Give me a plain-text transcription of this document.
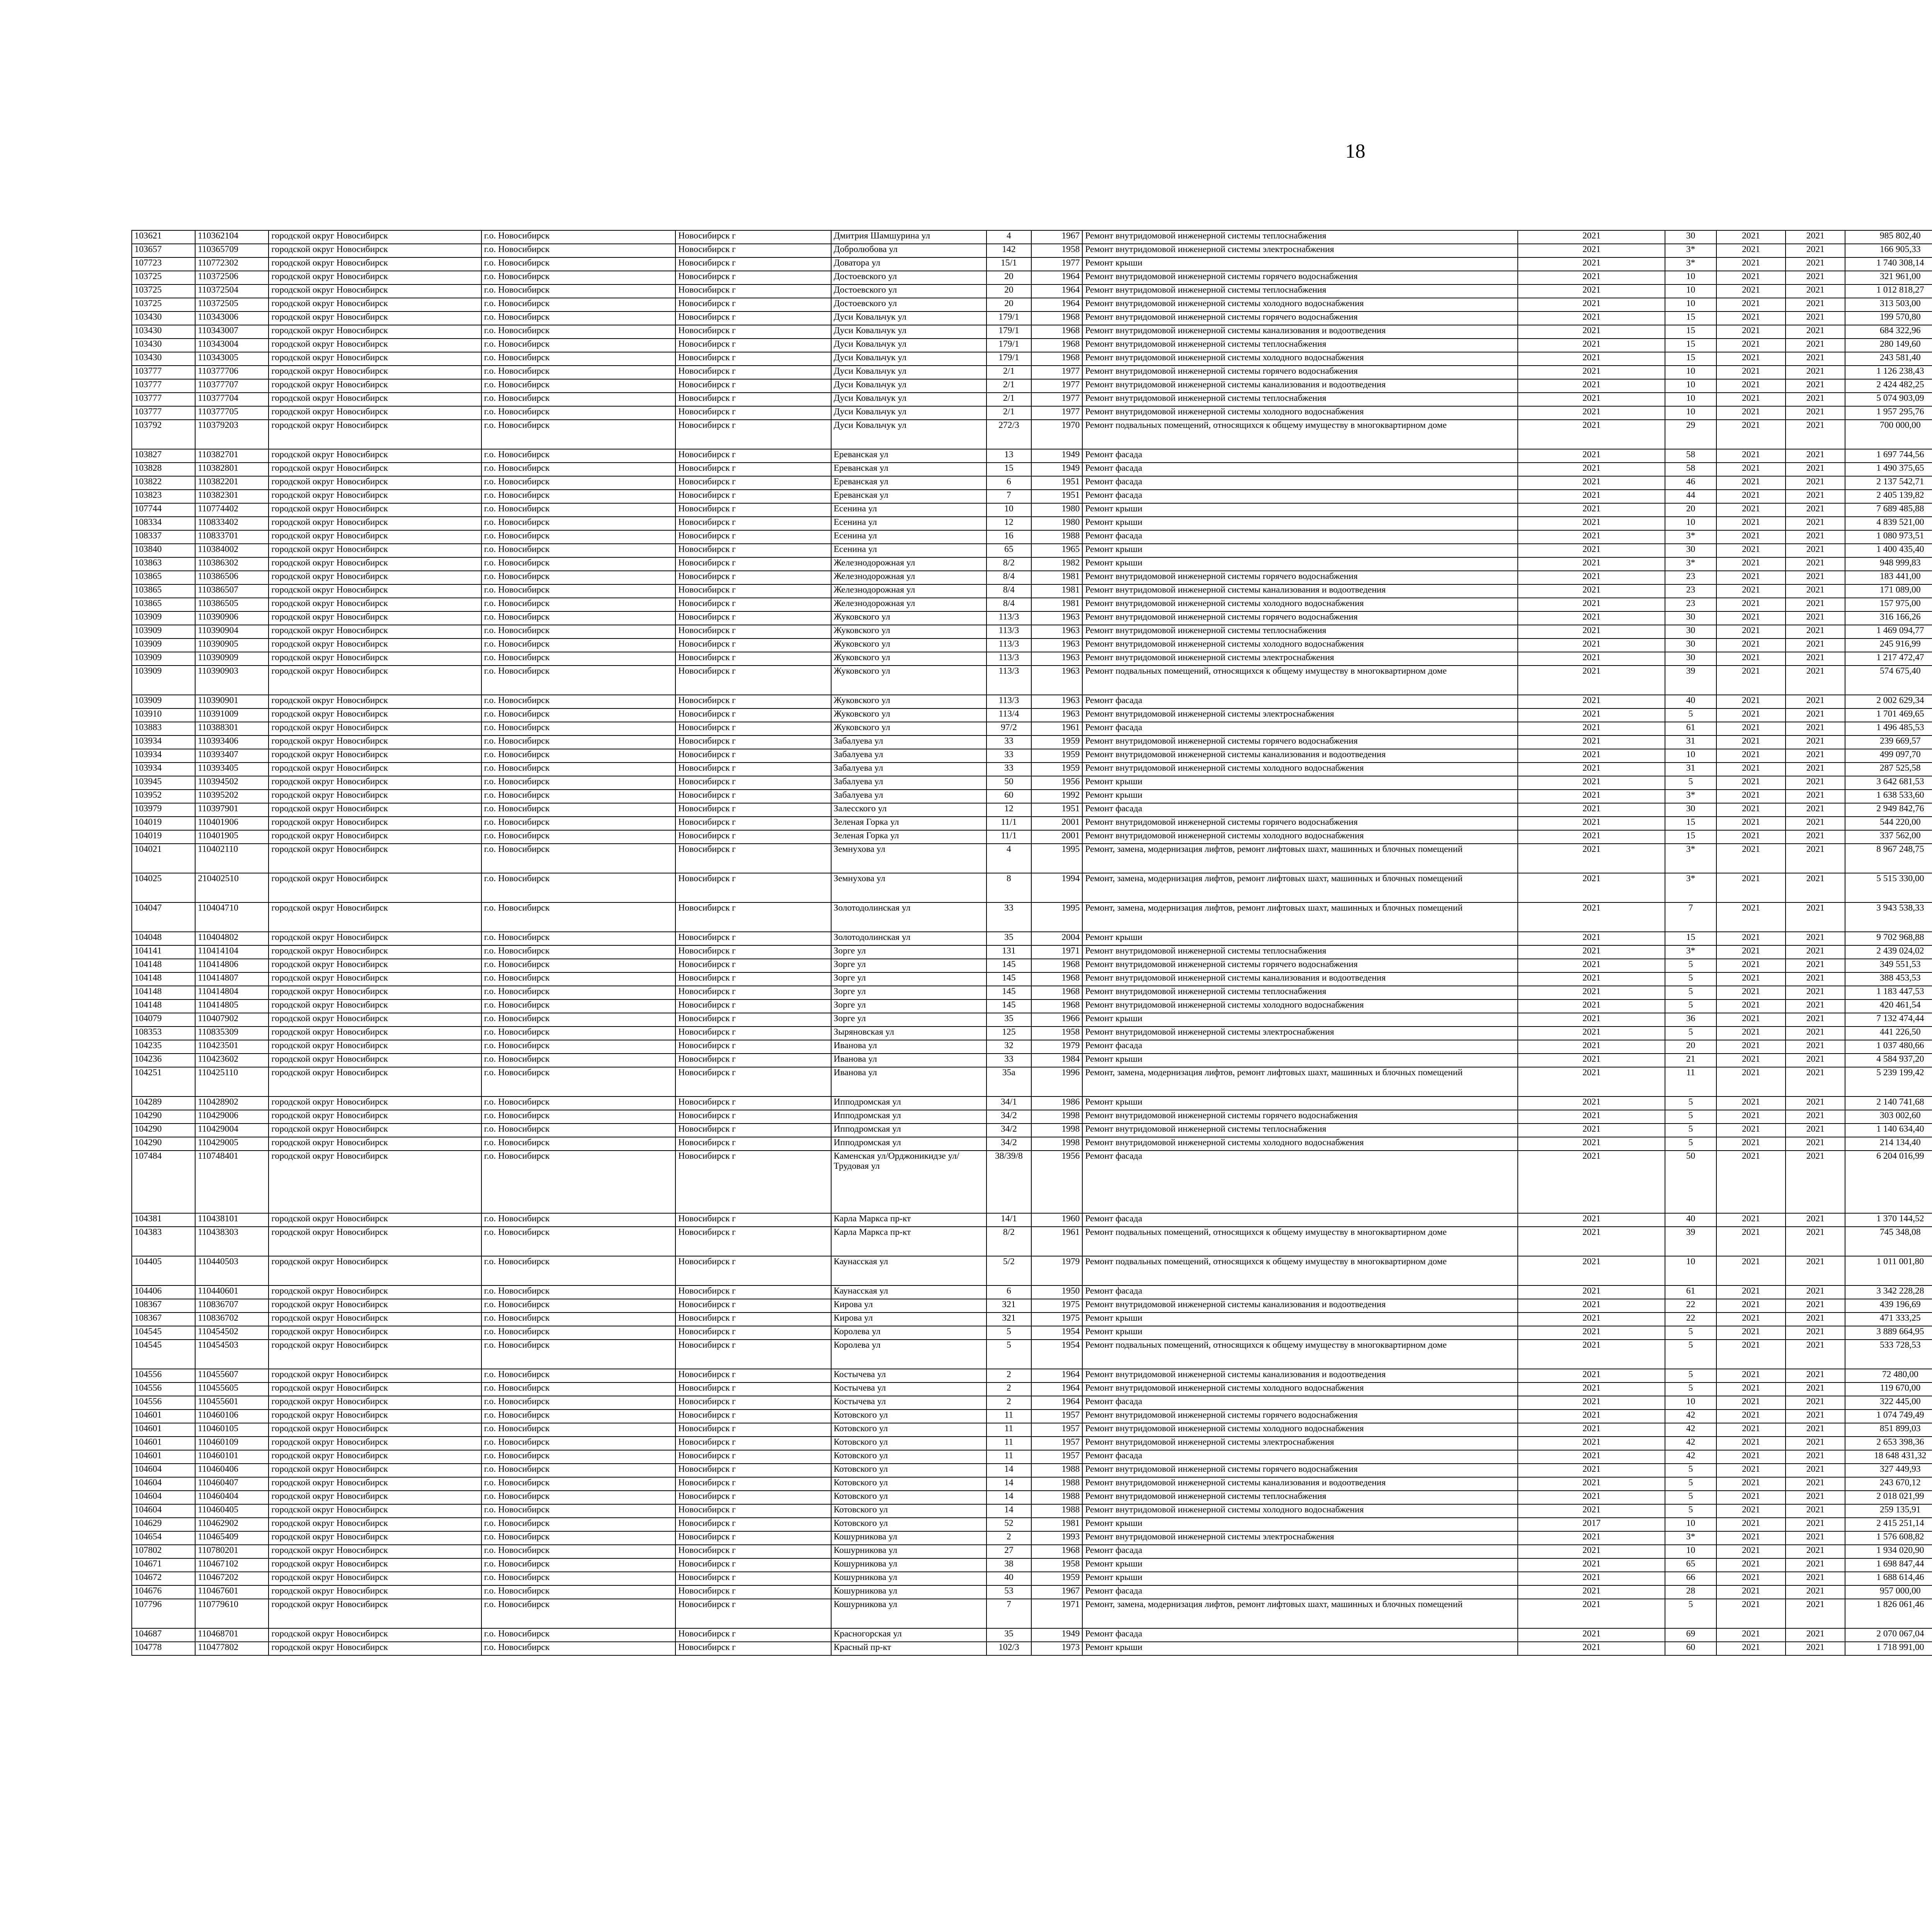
18
103621	110362104	городской округ Новосибирск	г.о. Новосибирск	Новосибирск г	Дмитрия Шамшурина ул	4	1967	Ремонт внутридомовой инженерной системы теплоснабжения	2021	30	2021	2021	985 802,40						
103657	110365709	городской округ Новосибирск	г.о. Новосибирск	Новосибирск г	Добролюбова ул	142	1958	Ремонт внутридомовой инженерной системы электроснабжения	2021	3*	2021	2021	166 905,33						
107723	110772302	городской округ Новосибирск	г.о. Новосибирск	Новосибирск г	Доватора ул	15/1	1977	Ремонт крыши	2021	3*	2021	2021	1 740 308,14						
103725	110372506	городской округ Новосибирск	г.о. Новосибирск	Новосибирск г	Достоевского ул	20	1964	Ремонт внутридомовой инженерной системы горячего водоснабжения	2021	10	2021	2021	321 961,00						
103725	110372504	городской округ Новосибирск	г.о. Новосибирск	Новосибирск г	Достоевского ул	20	1964	Ремонт внутридомовой инженерной системы теплоснабжения	2021	10	2021	2021	1 012 818,27						
103725	110372505	городской округ Новосибирск	г.о. Новосибирск	Новосибирск г	Достоевского ул	20	1964	Ремонт внутридомовой инженерной системы холодного водоснабжения	2021	10	2021	2021	313 503,00						
103430	110343006	городской округ Новосибирск	г.о. Новосибирск	Новосибирск г	Дуси Ковальчук ул	179/1	1968	Ремонт внутридомовой инженерной системы горячего водоснабжения	2021	15	2021	2021	199 570,80						
103430	110343007	городской округ Новосибирск	г.о. Новосибирск	Новосибирск г	Дуси Ковальчук ул	179/1	1968	Ремонт внутридомовой инженерной системы канализования и водоотведения	2021	15	2021	2021	684 322,96						
103430	110343004	городской округ Новосибирск	г.о. Новосибирск	Новосибирск г	Дуси Ковальчук ул	179/1	1968	Ремонт внутридомовой инженерной системы теплоснабжения	2021	15	2021	2021	280 149,60						
103430	110343005	городской округ Новосибирск	г.о. Новосибирск	Новосибирск г	Дуси Ковальчук ул	179/1	1968	Ремонт внутридомовой инженерной системы холодного водоснабжения	2021	15	2021	2021	243 581,40						
103777	110377706	городской округ Новосибирск	г.о. Новосибирск	Новосибирск г	Дуси Ковальчук ул	2/1	1977	Ремонт внутридомовой инженерной системы горячего водоснабжения	2021	10	2021	2021	1 126 238,43						
103777	110377707	городской округ Новосибирск	г.о. Новосибирск	Новосибирск г	Дуси Ковальчук ул	2/1	1977	Ремонт внутридомовой инженерной системы канализования и водоотведения	2021	10	2021	2021	2 424 482,25						
103777	110377704	городской округ Новосибирск	г.о. Новосибирск	Новосибирск г	Дуси Ковальчук ул	2/1	1977	Ремонт внутридомовой инженерной системы теплоснабжения	2021	10	2021	2021	5 074 903,09						
103777	110377705	городской округ Новосибирск	г.о. Новосибирск	Новосибирск г	Дуси Ковальчук ул	2/1	1977	Ремонт внутридомовой инженерной системы холодного водоснабжения	2021	10	2021	2021	1 957 295,76						
103792	110379203	городской округ Новосибирск	г.о. Новосибирск	Новосибирск г	Дуси Ковальчук ул	272/3	1970	Ремонт подвальных помещений, относящихся к общему имуществу в многоквартирном доме	2021	29	2021	2021	700 000,00						
103827	110382701	городской округ Новосибирск	г.о. Новосибирск	Новосибирск г	Ереванская ул	13	1949	Ремонт фасада	2021	58	2021	2021	1 697 744,56						
103828	110382801	городской округ Новосибирск	г.о. Новосибирск	Новосибирск г	Ереванская ул	15	1949	Ремонт фасада	2021	58	2021	2021	1 490 375,65						
103822	110382201	городской округ Новосибирск	г.о. Новосибирск	Новосибирск г	Ереванская ул	6	1951	Ремонт фасада	2021	46	2021	2021	2 137 542,71						
103823	110382301	городской округ Новосибирск	г.о. Новосибирск	Новосибирск г	Ереванская ул	7	1951	Ремонт фасада	2021	44	2021	2021	2 405 139,82						
107744	110774402	городской округ Новосибирск	г.о. Новосибирск	Новосибирск г	Есенина ул	10	1980	Ремонт крыши	2021	20	2021	2021	7 689 485,88						
108334	110833402	городской округ Новосибирск	г.о. Новосибирск	Новосибирск г	Есенина ул	12	1980	Ремонт крыши	2021	10	2021	2021	4 839 521,00						
108337	110833701	городской округ Новосибирск	г.о. Новосибирск	Новосибирск г	Есенина ул	16	1988	Ремонт фасада	2021	3*	2021	2021	1 080 973,51						
103840	110384002	городской округ Новосибирск	г.о. Новосибирск	Новосибирск г	Есенина ул	65	1965	Ремонт крыши	2021	30	2021	2021	1 400 435,40						
103863	110386302	городской округ Новосибирск	г.о. Новосибирск	Новосибирск г	Железнодорожная ул	8/2	1982	Ремонт крыши	2021	3*	2021	2021	948 999,83						
103865	110386506	городской округ Новосибирск	г.о. Новосибирск	Новосибирск г	Железнодорожная ул	8/4	1981	Ремонт внутридомовой инженерной системы горячего водоснабжения	2021	23	2021	2021	183 441,00						
103865	110386507	городской округ Новосибирск	г.о. Новосибирск	Новосибирск г	Железнодорожная ул	8/4	1981	Ремонт внутридомовой инженерной системы канализования и водоотведения	2021	23	2021	2021	171 089,00						
103865	110386505	городской округ Новосибирск	г.о. Новосибирск	Новосибирск г	Железнодорожная ул	8/4	1981	Ремонт внутридомовой инженерной системы холодного водоснабжения	2021	23	2021	2021	157 975,00						
103909	110390906	городской округ Новосибирск	г.о. Новосибирск	Новосибирск г	Жуковского ул	113/3	1963	Ремонт внутридомовой инженерной системы горячего водоснабжения	2021	30	2021	2021	316 166,26						
103909	110390904	городской округ Новосибирск	г.о. Новосибирск	Новосибирск г	Жуковского ул	113/3	1963	Ремонт внутридомовой инженерной системы теплоснабжения	2021	30	2021	2021	1 469 094,77						
103909	110390905	городской округ Новосибирск	г.о. Новосибирск	Новосибирск г	Жуковского ул	113/3	1963	Ремонт внутридомовой инженерной системы холодного водоснабжения	2021	30	2021	2021	245 916,99						
103909	110390909	городской округ Новосибирск	г.о. Новосибирск	Новосибирск г	Жуковского ул	113/3	1963	Ремонт внутридомовой инженерной системы электроснабжения	2021	30	2021	2021	1 217 472,47						
103909	110390903	городской округ Новосибирск	г.о. Новосибирск	Новосибирск г	Жуковского ул	113/3	1963	Ремонт подвальных помещений, относящихся к общему имуществу в многоквартирном доме	2021	39	2021	2021	574 675,40						
103909	110390901	городской округ Новосибирск	г.о. Новосибирск	Новосибирск г	Жуковского ул	113/3	1963	Ремонт фасада	2021	40	2021	2021	2 002 629,34						
103910	110391009	городской округ Новосибирск	г.о. Новосибирск	Новосибирск г	Жуковского ул	113/4	1963	Ремонт внутридомовой инженерной системы электроснабжения	2021	5	2021	2021	1 701 469,65						
103883	110388301	городской округ Новосибирск	г.о. Новосибирск	Новосибирск г	Жуковского ул	97/2	1961	Ремонт фасада	2021	61	2021	2021	1 496 485,53						
103934	110393406	городской округ Новосибирск	г.о. Новосибирск	Новосибирск г	Забалуева ул	33	1959	Ремонт внутридомовой инженерной системы горячего водоснабжения	2021	31	2021	2021	239 669,57						
103934	110393407	городской округ Новосибирск	г.о. Новосибирск	Новосибирск г	Забалуева ул	33	1959	Ремонт внутридомовой инженерной системы канализования и водоотведения	2021	10	2021	2021	499 097,70						
103934	110393405	городской округ Новосибирск	г.о. Новосибирск	Новосибирск г	Забалуева ул	33	1959	Ремонт внутридомовой инженерной системы холодного водоснабжения	2021	31	2021	2021	287 525,58						
103945	110394502	городской округ Новосибирск	г.о. Новосибирск	Новосибирск г	Забалуева ул	50	1956	Ремонт крыши	2021	5	2021	2021	3 642 681,53						
103952	110395202	городской округ Новосибирск	г.о. Новосибирск	Новосибирск г	Забалуева ул	60	1992	Ремонт крыши	2021	3*	2021	2021	1 638 533,60						
103979	110397901	городской округ Новосибирск	г.о. Новосибирск	Новосибирск г	Залесского ул	12	1951	Ремонт фасада	2021	30	2021	2021	2 949 842,76						
104019	110401906	городской округ Новосибирск	г.о. Новосибирск	Новосибирск г	Зеленая Горка ул	11/1	2001	Ремонт внутридомовой инженерной системы горячего водоснабжения	2021	15	2021	2021	544 220,00						
104019	110401905	городской округ Новосибирск	г.о. Новосибирск	Новосибирск г	Зеленая Горка ул	11/1	2001	Ремонт внутридомовой инженерной системы холодного водоснабжения	2021	15	2021	2021	337 562,00						
104021	110402110	городской округ Новосибирск	г.о. Новосибирск	Новосибирск г	Земнухова ул	4	1995	Ремонт, замена, модернизация лифтов, ремонт лифтовых шахт, машинных и блочных помещений	2021	3*	2021	2021	8 967 248,75						
104025	210402510	городской округ Новосибирск	г.о. Новосибирск	Новосибирск г	Земнухова ул	8	1994	Ремонт, замена, модернизация лифтов, ремонт лифтовых шахт, машинных и блочных помещений	2021	3*	2021	2021	5 515 330,00						
104047	110404710	городской округ Новосибирск	г.о. Новосибирск	Новосибирск г	Золотодолинская ул	33	1995	Ремонт, замена, модернизация лифтов, ремонт лифтовых шахт, машинных и блочных помещений	2021	7	2021	2021	3 943 538,33						
104048	110404802	городской округ Новосибирск	г.о. Новосибирск	Новосибирск г	Золотодолинская ул	35	2004	Ремонт крыши	2021	15	2021	2021	9 702 968,88						
104141	110414104	городской округ Новосибирск	г.о. Новосибирск	Новосибирск г	Зорге ул	131	1971	Ремонт внутридомовой инженерной системы теплоснабжения	2021	3*	2021	2021	2 439 024,02						
104148	110414806	городской округ Новосибирск	г.о. Новосибирск	Новосибирск г	Зорге ул	145	1968	Ремонт внутридомовой инженерной системы горячего водоснабжения	2021	5	2021	2021	349 551,53						
104148	110414807	городской округ Новосибирск	г.о. Новосибирск	Новосибирск г	Зорге ул	145	1968	Ремонт внутридомовой инженерной системы канализования и водоотведения	2021	5	2021	2021	388 453,53						
104148	110414804	городской округ Новосибирск	г.о. Новосибирск	Новосибирск г	Зорге ул	145	1968	Ремонт внутридомовой инженерной системы теплоснабжения	2021	5	2021	2021	1 183 447,53						
104148	110414805	городской округ Новосибирск	г.о. Новосибирск	Новосибирск г	Зорге ул	145	1968	Ремонт внутридомовой инженерной системы холодного водоснабжения	2021	5	2021	2021	420 461,54						
104079	110407902	городской округ Новосибирск	г.о. Новосибирск	Новосибирск г	Зорге ул	35	1966	Ремонт крыши	2021	36	2021	2021	7 132 474,44						
108353	110835309	городской округ Новосибирск	г.о. Новосибирск	Новосибирск г	Зыряновская ул	125	1958	Ремонт внутридомовой инженерной системы электроснабжения	2021	5	2021	2021	441 226,50						
104235	110423501	городской округ Новосибирск	г.о. Новосибирск	Новосибирск г	Иванова ул	32	1979	Ремонт фасада	2021	20	2021	2021	1 037 480,66						
104236	110423602	городской округ Новосибирск	г.о. Новосибирск	Новосибирск г	Иванова ул	33	1984	Ремонт крыши	2021	21	2021	2021	4 584 937,20						
104251	110425110	городской округ Новосибирск	г.о. Новосибирск	Новосибирск г	Иванова ул	35а	1996	Ремонт, замена, модернизация лифтов, ремонт лифтовых шахт, машинных и блочных помещений	2021	11	2021	2021	5 239 199,42						
104289	110428902	городской округ Новосибирск	г.о. Новосибирск	Новосибирск г	Ипподромская ул	34/1	1986	Ремонт крыши	2021	5	2021	2021	2 140 741,68						
104290	110429006	городской округ Новосибирск	г.о. Новосибирск	Новосибирск г	Ипподромская ул	34/2	1998	Ремонт внутридомовой инженерной системы горячего водоснабжения	2021	5	2021	2021	303 002,60						
104290	110429004	городской округ Новосибирск	г.о. Новосибирск	Новосибирск г	Ипподромская ул	34/2	1998	Ремонт внутридомовой инженерной системы теплоснабжения	2021	5	2021	2021	1 140 634,40						
104290	110429005	городской округ Новосибирск	г.о. Новосибирск	Новосибирск г	Ипподромская ул	34/2	1998	Ремонт внутридомовой инженерной системы холодного водоснабжения	2021	5	2021	2021	214 134,40						
107484	110748401	городской округ Новосибирск	г.о. Новосибирск	Новосибирск г	Каменская ул/Орджоникидзе ул/Трудовая ул	38/39/8	1956	Ремонт фасада	2021	50	2021	2021	6 204 016,99						
104381	110438101	городской округ Новосибирск	г.о. Новосибирск	Новосибирск г	Карла Маркса пр-кт	14/1	1960	Ремонт фасада	2021	40	2021	2021	1 370 144,52						
104383	110438303	городской округ Новосибирск	г.о. Новосибирск	Новосибирск г	Карла Маркса пр-кт	8/2	1961	Ремонт подвальных помещений, относящихся к общему имуществу в многоквартирном доме	2021	39	2021	2021	745 348,08						
104405	110440503	городской округ Новосибирск	г.о. Новосибирск	Новосибирск г	Каунасская ул	5/2	1979	Ремонт подвальных помещений, относящихся к общему имуществу в многоквартирном доме	2021	10	2021	2021	1 011 001,80						
104406	110440601	городской округ Новосибирск	г.о. Новосибирск	Новосибирск г	Каунасская ул	6	1950	Ремонт фасада	2021	61	2021	2021	3 342 228,28						
108367	110836707	городской округ Новосибирск	г.о. Новосибирск	Новосибирск г	Кирова ул	321	1975	Ремонт внутридомовой инженерной системы канализования и водоотведения	2021	22	2021	2021	439 196,69						
108367	110836702	городской округ Новосибирск	г.о. Новосибирск	Новосибирск г	Кирова ул	321	1975	Ремонт крыши	2021	22	2021	2021	471 333,25						
104545	110454502	городской округ Новосибирск	г.о. Новосибирск	Новосибирск г	Королева ул	5	1954	Ремонт крыши	2021	5	2021	2021	3 889 664,95						
104545	110454503	городской округ Новосибирск	г.о. Новосибирск	Новосибирск г	Королева ул	5	1954	Ремонт подвальных помещений, относящихся к общему имуществу в многоквартирном доме	2021	5	2021	2021	533 728,53						
104556	110455607	городской округ Новосибирск	г.о. Новосибирск	Новосибирск г	Костычева ул	2	1964	Ремонт внутридомовой инженерной системы канализования и водоотведения	2021	5	2021	2021	72 480,00						
104556	110455605	городской округ Новосибирск	г.о. Новосибирск	Новосибирск г	Костычева ул	2	1964	Ремонт внутридомовой инженерной системы холодного водоснабжения	2021	5	2021	2021	119 670,00						
104556	110455601	городской округ Новосибирск	г.о. Новосибирск	Новосибирск г	Костычева ул	2	1964	Ремонт фасада	2021	10	2021	2021	322 445,00						
104601	110460106	городской округ Новосибирск	г.о. Новосибирск	Новосибирск г	Котовского ул	11	1957	Ремонт внутридомовой инженерной системы горячего водоснабжения	2021	42	2021	2021	1 074 749,49						
104601	110460105	городской округ Новосибирск	г.о. Новосибирск	Новосибирск г	Котовского ул	11	1957	Ремонт внутридомовой инженерной системы холодного водоснабжения	2021	42	2021	2021	851 899,03						
104601	110460109	городской округ Новосибирск	г.о. Новосибирск	Новосибирск г	Котовского ул	11	1957	Ремонт внутридомовой инженерной системы электроснабжения	2021	42	2021	2021	2 653 398,36						
104601	110460101	городской округ Новосибирск	г.о. Новосибирск	Новосибирск г	Котовского ул	11	1957	Ремонт фасада	2021	42	2021	2021	18 648 431,32						
104604	110460406	городской округ Новосибирск	г.о. Новосибирск	Новосибирск г	Котовского ул	14	1988	Ремонт внутридомовой инженерной системы горячего водоснабжения	2021	5	2021	2021	327 449,93						
104604	110460407	городской округ Новосибирск	г.о. Новосибирск	Новосибирск г	Котовского ул	14	1988	Ремонт внутридомовой инженерной системы канализования и водоотведения	2021	5	2021	2021	243 670,12						
104604	110460404	городской округ Новосибирск	г.о. Новосибирск	Новосибирск г	Котовского ул	14	1988	Ремонт внутридомовой инженерной системы теплоснабжения	2021	5	2021	2021	2 018 021,99						
104604	110460405	городской округ Новосибирск	г.о. Новосибирск	Новосибирск г	Котовского ул	14	1988	Ремонт внутридомовой инженерной системы холодного водоснабжения	2021	5	2021	2021	259 135,91						
104629	110462902	городской округ Новосибирск	г.о. Новосибирск	Новосибирск г	Котовского ул	52	1981	Ремонт крыши	2017	10	2021	2021	2 415 251,14						
104654	110465409	городской округ Новосибирск	г.о. Новосибирск	Новосибирск г	Кошурникова ул	2	1993	Ремонт внутридомовой инженерной системы электроснабжения	2021	3*	2021	2021	1 576 608,82						
107802	110780201	городской округ Новосибирск	г.о. Новосибирск	Новосибирск г	Кошурникова ул	27	1968	Ремонт фасада	2021	10	2021	2021	1 934 020,90						
104671	110467102	городской округ Новосибирск	г.о. Новосибирск	Новосибирск г	Кошурникова ул	38	1958	Ремонт крыши	2021	65	2021	2021	1 698 847,44						
104672	110467202	городской округ Новосибирск	г.о. Новосибирск	Новосибирск г	Кошурникова ул	40	1959	Ремонт крыши	2021	66	2021	2021	1 688 614,46						
104676	110467601	городской округ Новосибирск	г.о. Новосибирск	Новосибирск г	Кошурникова ул	53	1967	Ремонт фасада	2021	28	2021	2021	957 000,00						
107796	110779610	городской округ Новосибирск	г.о. Новосибирск	Новосибирск г	Кошурникова ул	7	1971	Ремонт, замена, модернизация лифтов, ремонт лифтовых шахт, машинных и блочных помещений	2021	5	2021	2021	1 826 061,46						
104687	110468701	городской округ Новосибирск	г.о. Новосибирск	Новосибирск г	Красногорская ул	35	1949	Ремонт фасада	2021	69	2021	2021	2 070 067,04						
104778	110477802	городской округ Новосибирск	г.о. Новосибирск	Новосибирск г	Красный пр-кт	102/3	1973	Ремонт крыши	2021	60	2021	2021	1 718 991,00						
